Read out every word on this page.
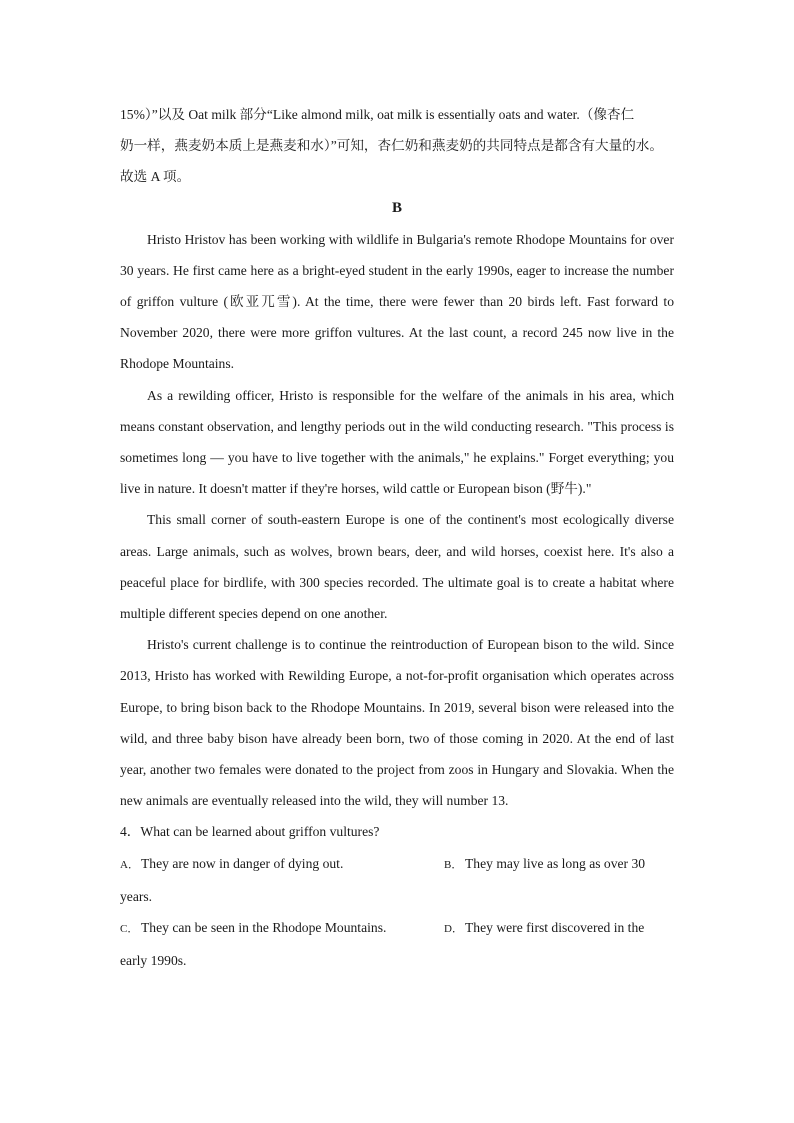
15%）”以及 Oat milk 部分“Like almond milk, oat milk is essentially oats and water.（像杏仁

奶一样，燕麦奶本质上是燕麦和水）”可知，杏仁奶和燕麦奶的共同特点是都含有大量的水。

故选 A 项。

B

Hristo Hristov has been working with wildlife in Bulgaria's remote Rhodope Mountains for over 30 years. He first came here as a bright-eyed student in the early 1990s, eager to increase the number of griffon vulture (欧亚兀雪). At the time, there were fewer than 20 birds left. Fast forward to November 2020, there were more griffon vultures. At the last count, a record 245 now live in the Rhodope Mountains.

As a rewilding officer, Hristo is responsible for the welfare of the animals in his area, which means constant observation, and lengthy periods out in the wild conducting research. "This process is sometimes long — you have to live together with the animals," he explains." Forget everything; you live in nature. It doesn't matter if they're horses, wild cattle or European bison (野牛)."

This small corner of south-eastern Europe is one of the continent's most ecologically diverse areas. Large animals, such as wolves, brown bears, deer, and wild horses, coexist here. It's also a peaceful place for birdlife, with 300 species recorded. The ultimate goal is to create a habitat where multiple different species depend on one another.

Hristo's current challenge is to continue the reintroduction of European bison to the wild. Since 2013, Hristo has worked with Rewilding Europe, a not-for-profit organisation which operates across Europe, to bring bison back to the Rhodope Mountains. In 2019, several bison were released into the wild, and three baby bison have already been born, two of those coming in 2020. At the end of last year, another two females were donated to the project from zoos in Hungary and Slovakia. When the new animals are eventually released into the wild, they will number 13.

4．What can be learned about griffon vultures?
A． They are now in danger of dying out.	B． They may live as long as over 30
years.
C． They can be seen in the Rhodope Mountains.	D． They were first discovered in the
early 1990s.
